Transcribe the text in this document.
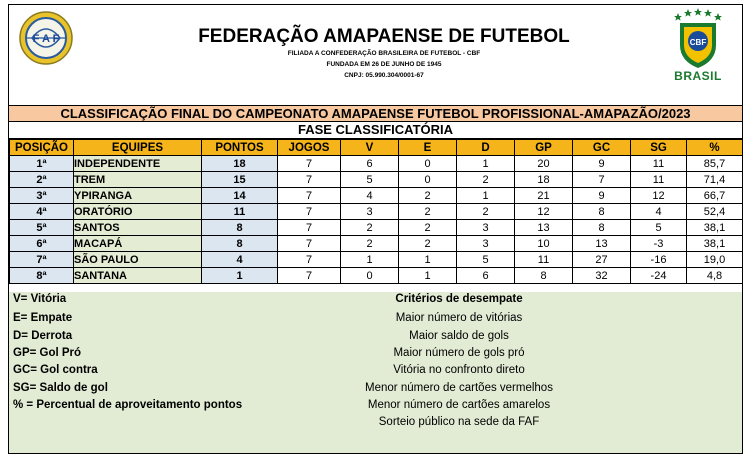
F A F	FEDERAÇÃO AMAPAENSE DE FUTEBOL
FILIADA A CONFEDERAÇÃO BRASILEIRA DE FUTEBOL - CBF
FUNDADA EM 26 DE JUNHO DE 1945
CNPJ: 05.990.304/0001-67
CBF
BRASIL
CLASSIFICAÇÃO FINAL DO CAMPEONATO AMAPAENSE FUTEBOL PROFISSIONAL-AMAPAZÃO/2023
FASE CLASSIFICATÓRIA
POSIÇÃO	EQUIPES	PONTOS	JOGOS	V	E	D	GP	GC	SG	%
1ª	INDEPENDENTE	18	7	6	0	1	20	9	11	85,7
2ª	TREM	15	7	5	0	2	18	7	11	71,4
3ª	YPIRANGA	14	7	4	2	1	21	9	12	66,7
4ª	ORATÓRIO	11	7	3	2	2	12	8	4	52,4
5ª	SANTOS	8	7	2	2	3	13	8	5	38,1
6ª	MACAPÁ	8	7	2	2	3	10	13	-3	38,1
7ª	SÃO PAULO	4	7	1	1	5	11	27	-16	19,0
8ª	SANTANA	1	7	0	1	6	8	32	-24	4,8
V= Vitória
E= Empate
D= Derrota
GP= Gol Pró
GC= Gol contra
SG= Saldo de gol
% = Percentual de aproveitamento pontos
Critérios de desempate
Maior número de vitórias
Maior saldo de gols
Maior número de gols pró
Vitória no confronto direto
Menor número de cartões vermelhos
Menor número de cartões amarelos
Sorteio público na sede da FAF
